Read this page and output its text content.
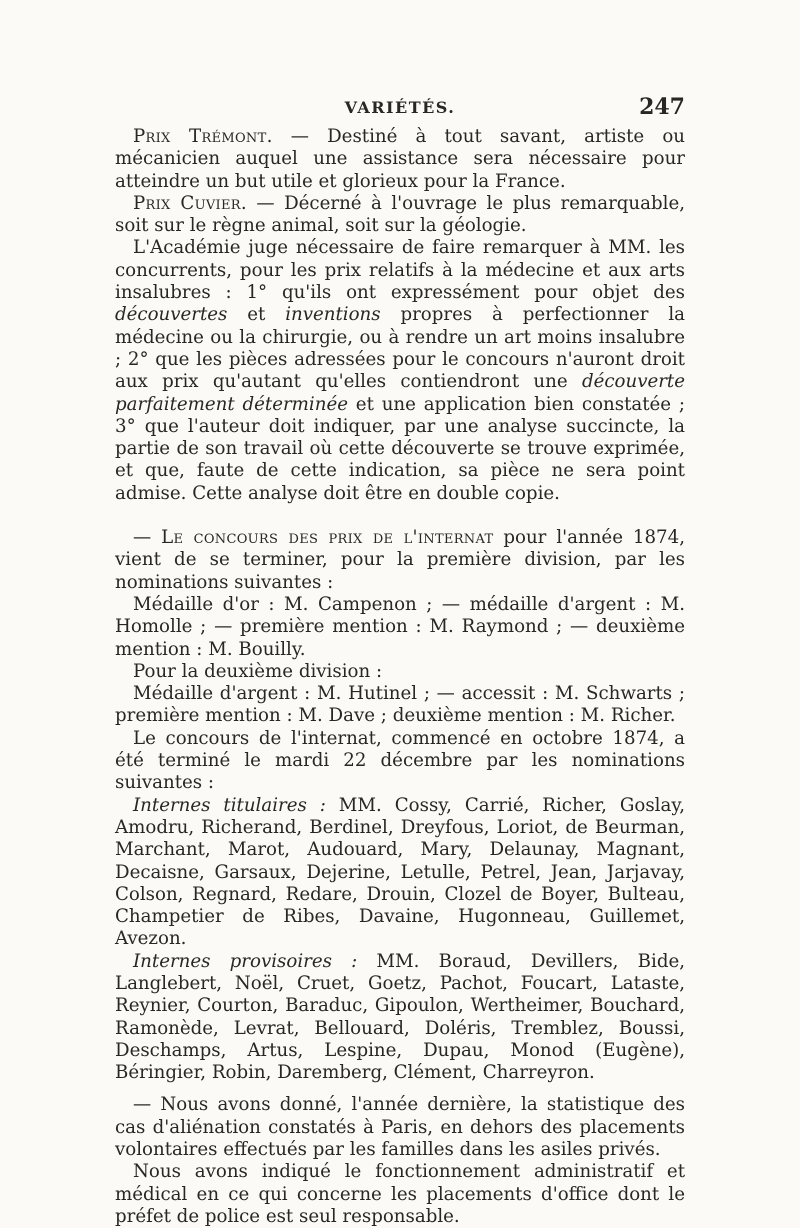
VARIÉTÉS.	247

Prix Trémont. — Destiné à tout savant, artiste ou mécanicien auquel une assistance sera nécessaire pour atteindre un but utile et glorieux pour la France.

Prix Cuvier. — Décerné à l'ouvrage le plus remarquable, soit sur le règne animal, soit sur la géologie.

L'Académie juge nécessaire de faire remarquer à MM. les concurrents, pour les prix relatifs à la médecine et aux arts insalubres : 1° qu'ils ont expressément pour objet des découvertes et inventions propres à perfectionner la médecine ou la chirurgie, ou à rendre un art moins insalubre ; 2° que les pièces adressées pour le concours n'auront droit aux prix qu'autant qu'elles contiendront une découverte parfaitement déterminée et une application bien constatée ; 3° que l'auteur doit indiquer, par une analyse succincte, la partie de son travail où cette découverte se trouve exprimée, et que, faute de cette indication, sa pièce ne sera point admise. Cette analyse doit être en double copie.

— Le concours des prix de l'internat pour l'année 1874, vient de se terminer, pour la première division, par les nominations suivantes :

Médaille d'or : M. Campenon ; — médaille d'argent : M. Homolle ; — première mention : M. Raymond ; — deuxième mention : M. Bouilly.

Pour la deuxième division :

Médaille d'argent : M. Hutinel ; — accessit : M. Schwarts ; première mention : M. Dave ; deuxième mention : M. Richer.

Le concours de l'internat, commencé en octobre 1874, a été terminé le mardi 22 décembre par les nominations suivantes :

Internes titulaires : MM. Cossy, Carrié, Richer, Goslay, Amodru, Richerand, Berdinel, Dreyfous, Loriot, de Beurman, Marchant, Marot, Audouard, Mary, Delaunay, Magnant, Decaisne, Garsaux, Dejerine, Letulle, Petrel, Jean, Jarjavay, Colson, Regnard, Redare, Drouin, Clozel de Boyer, Bulteau, Champetier de Ribes, Davaine, Hugonneau, Guillemet, Avezon.

Internes provisoires : MM. Boraud, Devillers, Bide, Langlebert, Noël, Cruet, Goetz, Pachot, Foucart, Lataste, Reynier, Courton, Baraduc, Gipoulon, Wertheimer, Bouchard, Ramonède, Levrat, Bellouard, Doléris, Tremblez, Boussi, Deschamps, Artus, Lespine, Dupau, Monod (Eugène), Béringier, Robin, Daremberg, Clément, Charreyron.

— Nous avons donné, l'année dernière, la statistique des cas d'aliénation constatés à Paris, en dehors des placements volontaires effectués par les familles dans les asiles privés.

Nous avons indiqué le fonctionnement administratif et médical en ce qui concerne les placements d'office dont le préfet de police est seul responsable.
